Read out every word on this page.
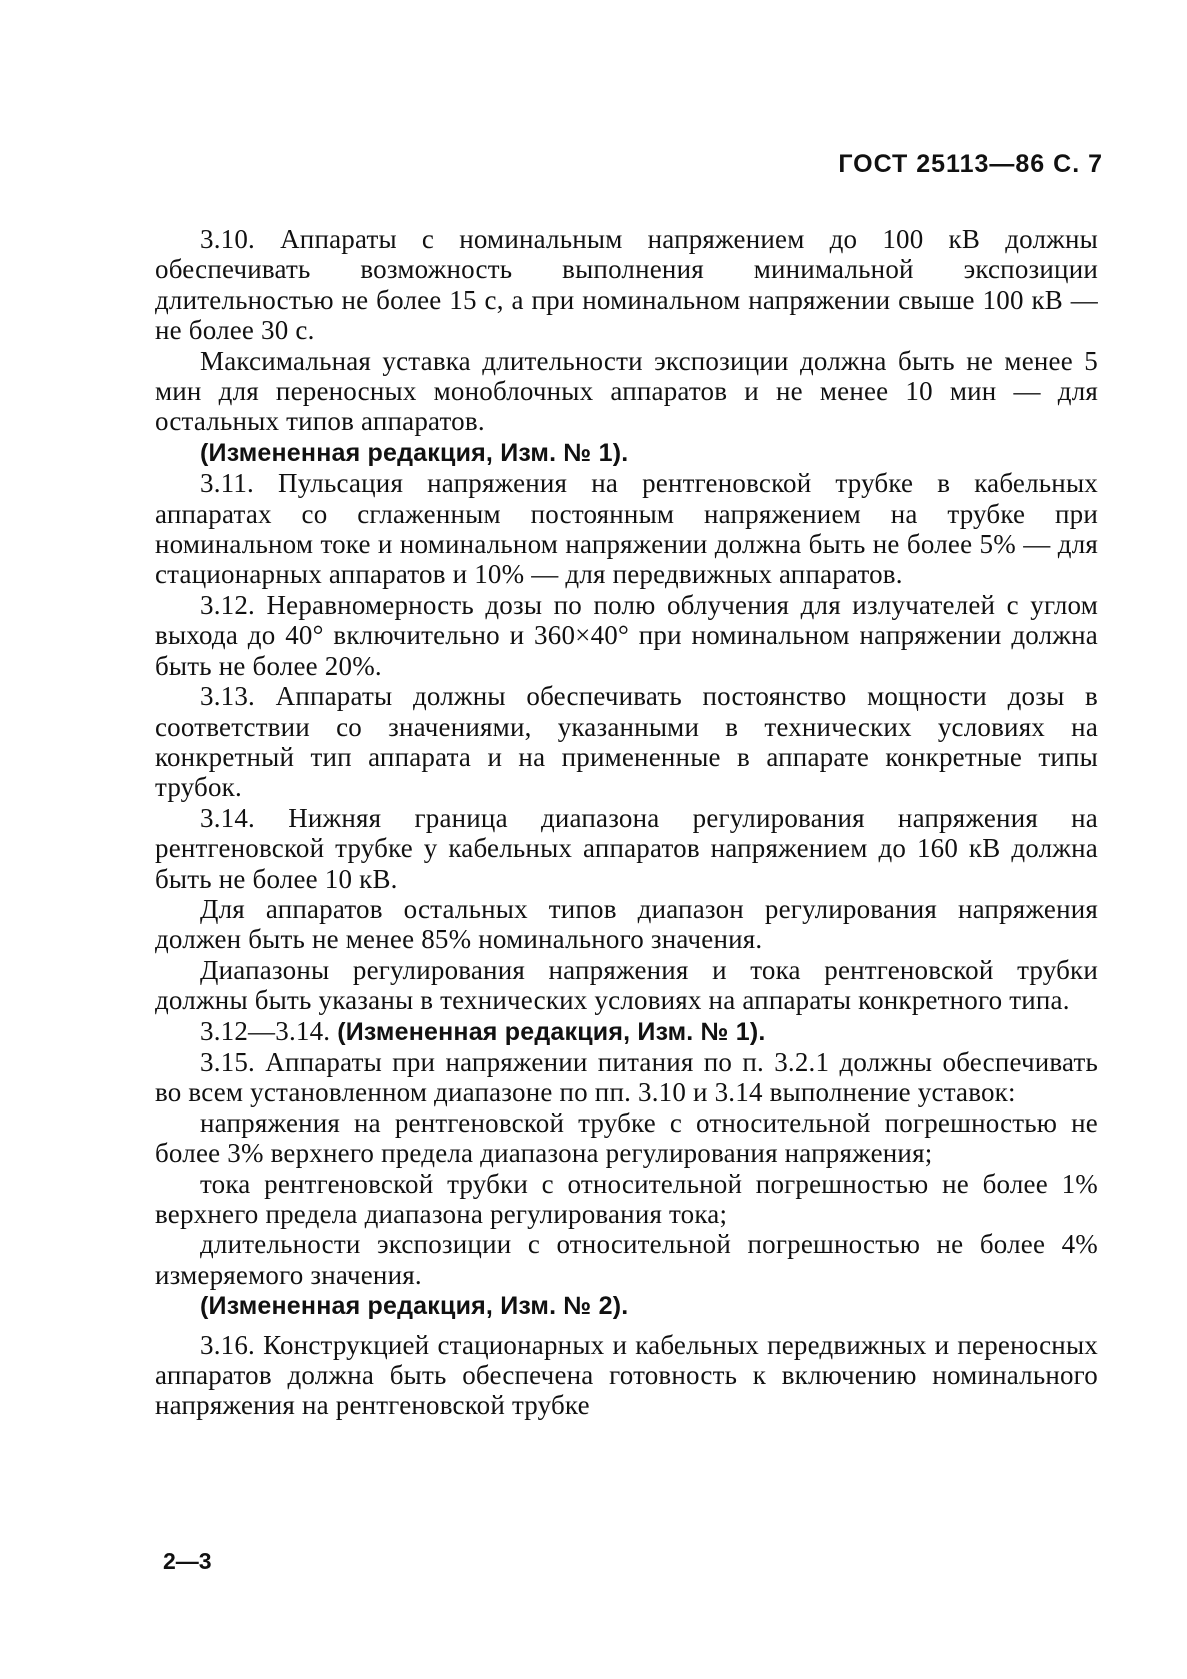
ГОСТ 25113—86 С. 7

3.10. Аппараты с номинальным напряжением до 100 кВ должны обеспечивать возможность выполнения минимальной экспозиции длительностью не более 15 с, а при номинальном напряжении свыше 100 кВ — не более 30 с.

Максимальная уставка длительности экспозиции должна быть не менее 5 мин для переносных моноблочных аппаратов и не менее 10 мин — для остальных типов аппаратов.

(Измененная редакция, Изм. № 1).

3.11. Пульсация напряжения на рентгеновской трубке в кабельных аппаратах со сглаженным постоянным напряжением на трубке при номинальном токе и номинальном напряжении должна быть не более 5% — для стационарных аппаратов и 10% — для передвижных аппаратов.

3.12. Неравномерность дозы по полю облучения для излучателей с углом выхода до 40° включительно и 360×40° при номинальном напряжении должна быть не более 20%.

3.13. Аппараты должны обеспечивать постоянство мощности дозы в соответствии со значениями, указанными в технических условиях на конкретный тип аппарата и на примененные в аппарате конкретные типы трубок.

3.14. Нижняя граница диапазона регулирования напряжения на рентгеновской трубке у кабельных аппаратов напряжением до 160 кВ должна быть не более 10 кВ.

Для аппаратов остальных типов диапазон регулирования напряжения должен быть не менее 85% номинального значения.

Диапазоны регулирования напряжения и тока рентгеновской трубки должны быть указаны в технических условиях на аппараты конкретного типа.

3.12—3.14. (Измененная редакция, Изм. № 1).

3.15. Аппараты при напряжении питания по п. 3.2.1 должны обеспечивать во всем установленном диапазоне по пп. 3.10 и 3.14 выполнение уставок:

напряжения на рентгеновской трубке с относительной погрешностью не более 3% верхнего предела диапазона регулирования напряжения;

тока рентгеновской трубки с относительной погрешностью не более 1% верхнего предела диапазона регулирования тока;

длительности экспозиции с относительной погрешностью не более 4% измеряемого значения.

(Измененная редакция, Изм. № 2).

3.16. Конструкцией стационарных и кабельных передвижных и переносных аппаратов должна быть обеспечена готовность к включению номинального напряжения на рентгеновской трубке

2—3
